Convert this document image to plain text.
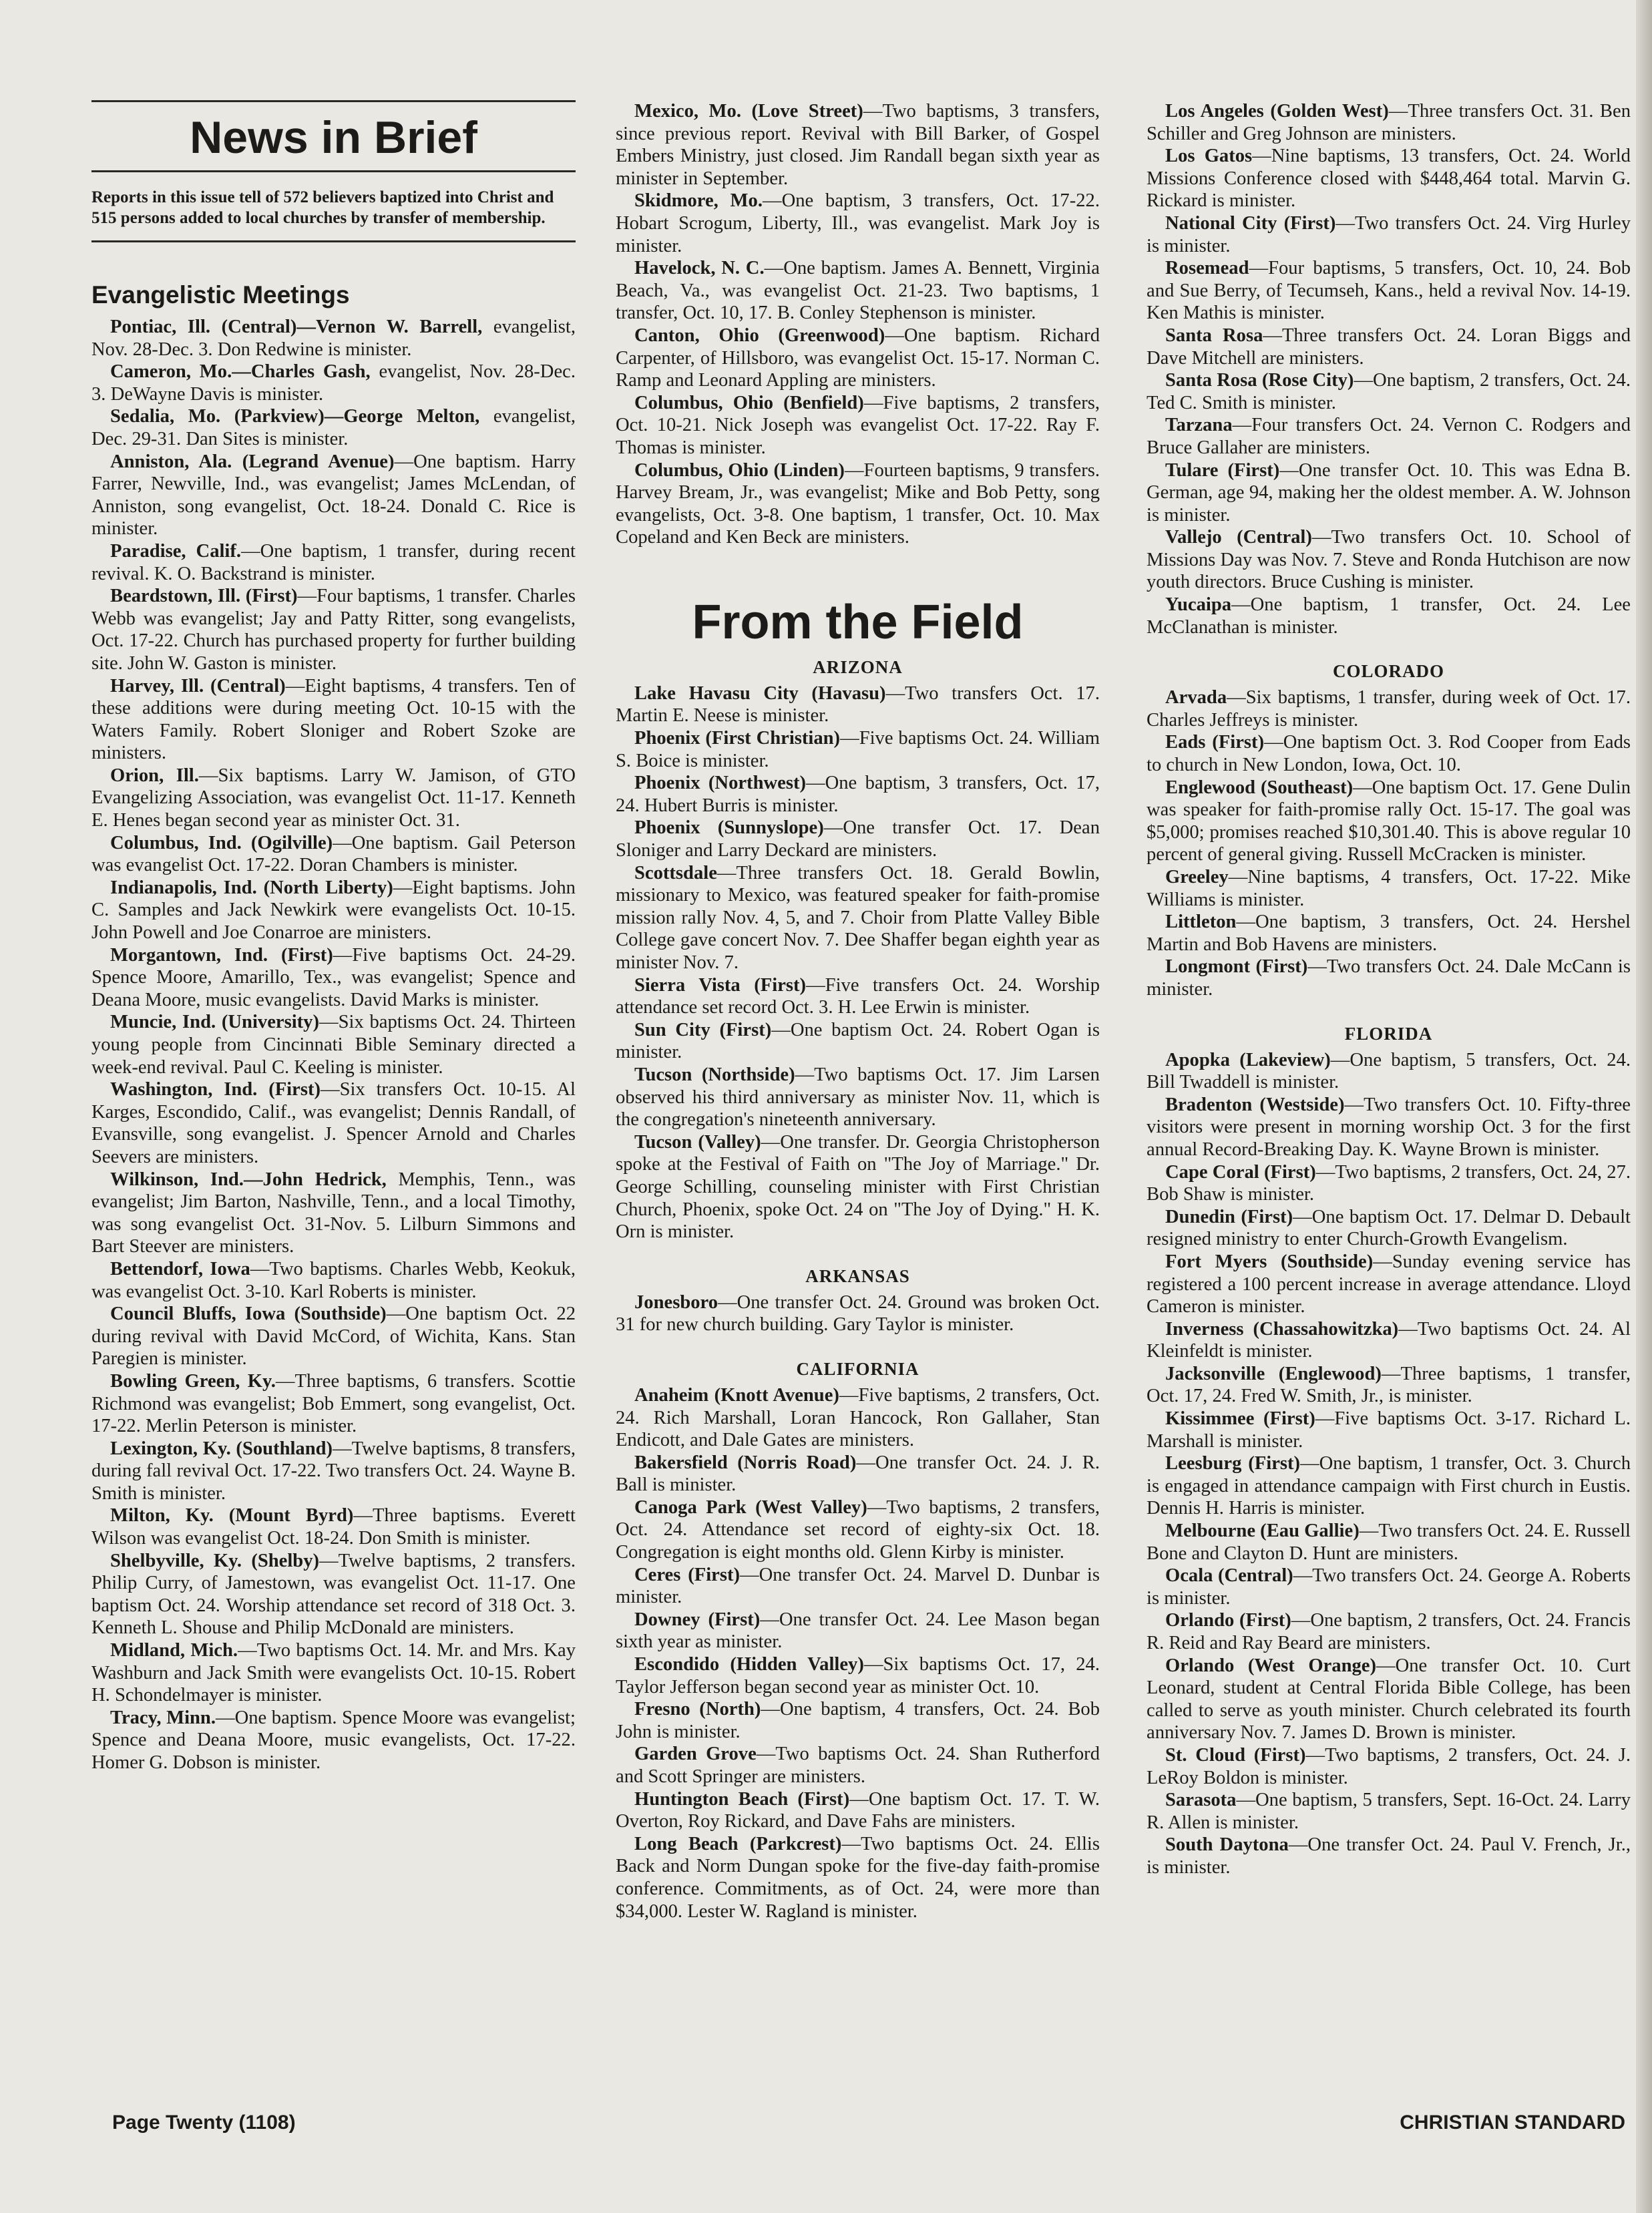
News in Brief
Reports in this issue tell of 572 believers baptized into Christ and 515 persons added to local churches by transfer of membership.
Evangelistic Meetings

Pontiac, Ill. (Central)—Vernon W. Barrell, evangelist, Nov. 28-Dec. 3. Don Redwine is minister.

Cameron, Mo.—Charles Gash, evangelist, Nov. 28-Dec. 3. DeWayne Davis is minister.

Sedalia, Mo. (Parkview)—George Melton, evangelist, Dec. 29-31. Dan Sites is minister.

Anniston, Ala. (Legrand Avenue)—One baptism. Harry Farrer, Newville, Ind., was evangelist; James McLendan, of Anniston, song evangelist, Oct. 18-24. Donald C. Rice is minister.

Paradise, Calif.—One baptism, 1 transfer, during recent revival. K. O. Backstrand is minister.

Beardstown, Ill. (First)—Four baptisms, 1 transfer. Charles Webb was evangelist; Jay and Patty Ritter, song evangelists, Oct. 17-22. Church has purchased property for further building site. John W. Gaston is minister.

Harvey, Ill. (Central)—Eight baptisms, 4 transfers. Ten of these additions were during meeting Oct. 10-15 with the Waters Family. Robert Sloniger and Robert Szoke are ministers.

Orion, Ill.—Six baptisms. Larry W. Jamison, of GTO Evangelizing Association, was evangelist Oct. 11-17. Kenneth E. Henes began second year as minister Oct. 31.

Columbus, Ind. (Ogilville)—One baptism. Gail Peterson was evangelist Oct. 17-22. Doran Chambers is minister.

Indianapolis, Ind. (North Liberty)—Eight baptisms. John C. Samples and Jack Newkirk were evangelists Oct. 10-15. John Powell and Joe Conarroe are ministers.

Morgantown, Ind. (First)—Five baptisms Oct. 24-29. Spence Moore, Amarillo, Tex., was evangelist; Spence and Deana Moore, music evangelists. David Marks is minister.

Muncie, Ind. (University)—Six baptisms Oct. 24. Thirteen young people from Cincinnati Bible Seminary directed a week-end revival. Paul C. Keeling is minister.

Washington, Ind. (First)—Six transfers Oct. 10-15. Al Karges, Escondido, Calif., was evangelist; Dennis Randall, of Evansville, song evangelist. J. Spencer Arnold and Charles Seevers are ministers.

Wilkinson, Ind.—John Hedrick, Memphis, Tenn., was evangelist; Jim Barton, Nashville, Tenn., and a local Timothy, was song evangelist Oct. 31-Nov. 5. Lilburn Simmons and Bart Steever are ministers.

Bettendorf, Iowa—Two baptisms. Charles Webb, Keokuk, was evangelist Oct. 3-10. Karl Roberts is minister.

Council Bluffs, Iowa (Southside)—One baptism Oct. 22 during revival with David McCord, of Wichita, Kans. Stan Paregien is minister.

Bowling Green, Ky.—Three baptisms, 6 transfers. Scottie Richmond was evangelist; Bob Emmert, song evangelist, Oct. 17-22. Merlin Peterson is minister.

Lexington, Ky. (Southland)—Twelve baptisms, 8 transfers, during fall revival Oct. 17-22. Two transfers Oct. 24. Wayne B. Smith is minister.

Milton, Ky. (Mount Byrd)—Three baptisms. Everett Wilson was evangelist Oct. 18-24. Don Smith is minister.

Shelbyville, Ky. (Shelby)—Twelve baptisms, 2 transfers. Philip Curry, of Jamestown, was evangelist Oct. 11-17. One baptism Oct. 24. Worship attendance set record of 318 Oct. 3. Kenneth L. Shouse and Philip McDonald are ministers.

Midland, Mich.—Two baptisms Oct. 14. Mr. and Mrs. Kay Washburn and Jack Smith were evangelists Oct. 10-15. Robert H. Schondelmayer is minister.

Tracy, Minn.—One baptism. Spence Moore was evangelist; Spence and Deana Moore, music evangelists, Oct. 17-22. Homer G. Dobson is minister.

Mexico, Mo. (Love Street)—Two baptisms, 3 transfers, since previous report. Revival with Bill Barker, of Gospel Embers Ministry, just closed. Jim Randall began sixth year as minister in September.

Skidmore, Mo.—One baptism, 3 transfers, Oct. 17-22. Hobart Scrogum, Liberty, Ill., was evangelist. Mark Joy is minister.

Havelock, N. C.—One baptism. James A. Bennett, Virginia Beach, Va., was evangelist Oct. 21-23. Two baptisms, 1 transfer, Oct. 10, 17. B. Conley Stephenson is minister.

Canton, Ohio (Greenwood)—One baptism. Richard Carpenter, of Hillsboro, was evangelist Oct. 15-17. Norman C. Ramp and Leonard Appling are ministers.

Columbus, Ohio (Benfield)—Five baptisms, 2 transfers, Oct. 10-21. Nick Joseph was evangelist Oct. 17-22. Ray F. Thomas is minister.

Columbus, Ohio (Linden)—Fourteen baptisms, 9 transfers. Harvey Bream, Jr., was evangelist; Mike and Bob Petty, song evangelists, Oct. 3-8. One baptism, 1 transfer, Oct. 10. Max Copeland and Ken Beck are ministers.

From the Field
ARIZONA

Lake Havasu City (Havasu)—Two transfers Oct. 17. Martin E. Neese is minister.

Phoenix (First Christian)—Five baptisms Oct. 24. William S. Boice is minister.

Phoenix (Northwest)—One baptism, 3 transfers, Oct. 17, 24. Hubert Burris is minister.

Phoenix (Sunnyslope)—One transfer Oct. 17. Dean Sloniger and Larry Deckard are ministers.

Scottsdale—Three transfers Oct. 18. Gerald Bowlin, missionary to Mexico, was featured speaker for faith-promise mission rally Nov. 4, 5, and 7. Choir from Platte Valley Bible College gave concert Nov. 7. Dee Shaffer began eighth year as minister Nov. 7.

Sierra Vista (First)—Five transfers Oct. 24. Worship attendance set record Oct. 3. H. Lee Erwin is minister.

Sun City (First)—One baptism Oct. 24. Robert Ogan is minister.

Tucson (Northside)—Two baptisms Oct. 17. Jim Larsen observed his third anniversary as minister Nov. 11, which is the congregation's nineteenth anniversary.

Tucson (Valley)—One transfer. Dr. Georgia Christopherson spoke at the Festival of Faith on "The Joy of Marriage." Dr. George Schilling, counseling minister with First Christian Church, Phoenix, spoke Oct. 24 on "The Joy of Dying." H. K. Orn is minister.

ARKANSAS

Jonesboro—One transfer Oct. 24. Ground was broken Oct. 31 for new church building. Gary Taylor is minister.

CALIFORNIA

Anaheim (Knott Avenue)—Five baptisms, 2 transfers, Oct. 24. Rich Marshall, Loran Hancock, Ron Gallaher, Stan Endicott, and Dale Gates are ministers.

Bakersfield (Norris Road)—One transfer Oct. 24. J. R. Ball is minister.

Canoga Park (West Valley)—Two baptisms, 2 transfers, Oct. 24. Attendance set record of eighty-six Oct. 18. Congregation is eight months old. Glenn Kirby is minister.

Ceres (First)—One transfer Oct. 24. Marvel D. Dunbar is minister.

Downey (First)—One transfer Oct. 24. Lee Mason began sixth year as minister.

Escondido (Hidden Valley)—Six baptisms Oct. 17, 24. Taylor Jefferson began second year as minister Oct. 10.

Fresno (North)—One baptism, 4 transfers, Oct. 24. Bob John is minister.

Garden Grove—Two baptisms Oct. 24. Shan Rutherford and Scott Springer are ministers.

Huntington Beach (First)—One baptism Oct. 17. T. W. Overton, Roy Rickard, and Dave Fahs are ministers.

Long Beach (Parkcrest)—Two baptisms Oct. 24. Ellis Back and Norm Dungan spoke for the five-day faith-promise conference. Commitments, as of Oct. 24, were more than $34,000. Lester W. Ragland is minister.

Los Angeles (Golden West)—Three transfers Oct. 31. Ben Schiller and Greg Johnson are ministers.

Los Gatos—Nine baptisms, 13 transfers, Oct. 24. World Missions Conference closed with $448,464 total. Marvin G. Rickard is minister.

National City (First)—Two transfers Oct. 24. Virg Hurley is minister.

Rosemead—Four baptisms, 5 transfers, Oct. 10, 24. Bob and Sue Berry, of Tecumseh, Kans., held a revival Nov. 14-19. Ken Mathis is minister.

Santa Rosa—Three transfers Oct. 24. Loran Biggs and Dave Mitchell are ministers.

Santa Rosa (Rose City)—One baptism, 2 transfers, Oct. 24. Ted C. Smith is minister.

Tarzana—Four transfers Oct. 24. Vernon C. Rodgers and Bruce Gallaher are ministers.

Tulare (First)—One transfer Oct. 10. This was Edna B. German, age 94, making her the oldest member. A. W. Johnson is minister.

Vallejo (Central)—Two transfers Oct. 10. School of Missions Day was Nov. 7. Steve and Ronda Hutchison are now youth directors. Bruce Cushing is minister.

Yucaipa—One baptism, 1 transfer, Oct. 24. Lee McClanathan is minister.

COLORADO

Arvada—Six baptisms, 1 transfer, during week of Oct. 17. Charles Jeffreys is minister.

Eads (First)—One baptism Oct. 3. Rod Cooper from Eads to church in New London, Iowa, Oct. 10.

Englewood (Southeast)—One baptism Oct. 17. Gene Dulin was speaker for faith-promise rally Oct. 15-17. The goal was $5,000; promises reached $10,301.40. This is above regular 10 percent of general giving. Russell McCracken is minister.

Greeley—Nine baptisms, 4 transfers, Oct. 17-22. Mike Williams is minister.

Littleton—One baptism, 3 transfers, Oct. 24. Hershel Martin and Bob Havens are ministers.

Longmont (First)—Two transfers Oct. 24. Dale McCann is minister.

FLORIDA

Apopka (Lakeview)—One baptism, 5 transfers, Oct. 24. Bill Twaddell is minister.

Bradenton (Westside)—Two transfers Oct. 10. Fifty-three visitors were present in morning worship Oct. 3 for the first annual Record-Breaking Day. K. Wayne Brown is minister.

Cape Coral (First)—Two baptisms, 2 transfers, Oct. 24, 27. Bob Shaw is minister.

Dunedin (First)—One baptism Oct. 17. Delmar D. Debault resigned ministry to enter Church-Growth Evangelism.

Fort Myers (Southside)—Sunday evening service has registered a 100 percent increase in average attendance. Lloyd Cameron is minister.

Inverness (Chassahowitzka)—Two baptisms Oct. 24. Al Kleinfeldt is minister.

Jacksonville (Englewood)—Three baptisms, 1 transfer, Oct. 17, 24. Fred W. Smith, Jr., is minister.

Kissimmee (First)—Five baptisms Oct. 3-17. Richard L. Marshall is minister.

Leesburg (First)—One baptism, 1 transfer, Oct. 3. Church is engaged in attendance campaign with First church in Eustis. Dennis H. Harris is minister.

Melbourne (Eau Gallie)—Two transfers Oct. 24. E. Russell Bone and Clayton D. Hunt are ministers.

Ocala (Central)—Two transfers Oct. 24. George A. Roberts is minister.

Orlando (First)—One baptism, 2 transfers, Oct. 24. Francis R. Reid and Ray Beard are ministers.

Orlando (West Orange)—One transfer Oct. 10. Curt Leonard, student at Central Florida Bible College, has been called to serve as youth minister. Church celebrated its fourth anniversary Nov. 7. James D. Brown is minister.

St. Cloud (First)—Two baptisms, 2 transfers, Oct. 24. J. LeRoy Boldon is minister.

Sarasota—One baptism, 5 transfers, Sept. 16-Oct. 24. Larry R. Allen is minister.

South Daytona—One transfer Oct. 24. Paul V. French, Jr., is minister.

Page Twenty (1108)	CHRISTIAN STANDARD
